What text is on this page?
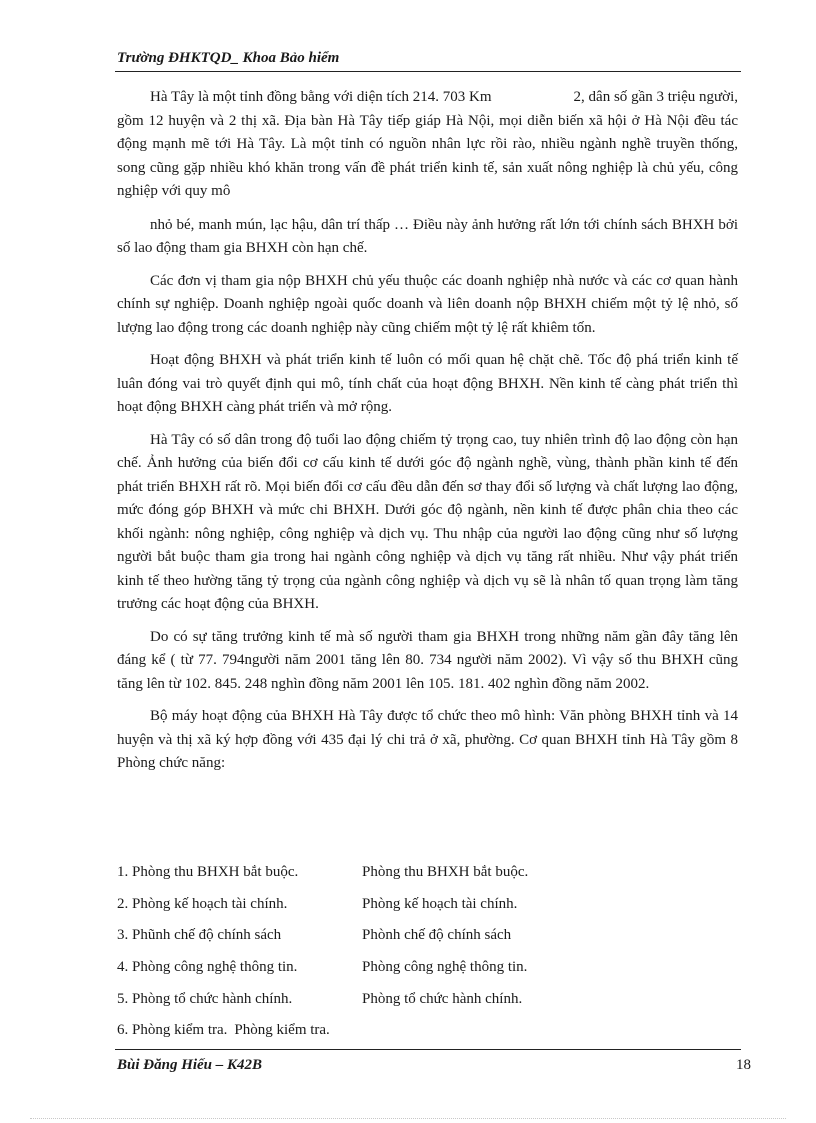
Trường ĐHKTQD_ Khoa Bảo hiểm

Hà Tây là một tỉnh đồng bằng với diện tích 214. 703 Km	2, dân số gần 3 triệu người, gồm 12 huyện và 2 thị xã. Địa bàn Hà Tây tiếp giáp Hà Nội, mọi diễn biến xã hội ở Hà Nội đều tác động mạnh mẽ tới Hà Tây. Là một tỉnh có nguồn nhân lực rồi rào, nhiều ngành nghề truyền thống, song cũng gặp nhiều khó khăn trong vấn đề phát triển kinh tế, sản xuất nông nghiệp là chủ yếu, công nghiệp với quy mô

nhỏ bé, manh mún, lạc hậu, dân trí thấp … Điều này ảnh hưởng rất lớn tới chính sách BHXH bởi số lao động tham gia BHXH còn hạn chế.

Các đơn vị tham gia nộp BHXH chủ yếu thuộc các doanh nghiệp nhà nước và các cơ quan hành chính sự nghiệp. Doanh nghiệp ngoài quốc doanh và liên doanh nộp BHXH chiếm một tỷ lệ nhỏ, số lượng lao động trong các doanh nghiệp này cũng chiếm một tỷ lệ rất khiêm tốn.

Hoạt động BHXH và phát triển kinh tế luôn có mối quan hệ chặt chẽ. Tốc độ phá triển kinh tế luân đóng vai trò quyết định qui mô, tính chất của hoạt động BHXH. Nền kinh tế càng phát triển thì hoạt động BHXH càng phát triển và mở rộng.

Hà Tây có số dân trong độ tuổi lao động chiếm tỷ trọng cao, tuy nhiên trình độ lao động còn hạn chế. Ảnh hưởng của biến đổi cơ cấu kinh tế dưới góc độ ngành nghề, vùng, thành phần kinh tế đến phát triển BHXH rất rõ. Mọi biến đổi cơ cấu đều dẫn đến sơ thay đổi số lượng và chất lượng lao động, mức đóng góp BHXH và mức chi BHXH. Dưới góc độ ngành, nền kinh tế được phân chia theo các khối ngành: nông nghiệp, công nghiệp và dịch vụ. Thu nhập của người lao động cũng như số lượng người bắt buộc tham gia trong hai ngành công nghiệp và dịch vụ tăng rất nhiều. Như vậy phát triển kinh tế theo hường tăng tỷ trọng của ngành công nghiệp và dịch vụ sẽ là nhân tố quan trọng làm tăng trưởng các hoạt động của BHXH.

Do có sự tăng trưởng kinh tế mà số người tham gia BHXH trong những năm gần đây tăng lên đáng kể ( từ 77. 794người năm 2001 tăng lên 80. 734 người năm 2002). Vì vậy số thu BHXH cũng tăng lên từ 102. 845. 248 nghìn đồng năm 2001 lên 105. 181. 402 nghìn đồng năm 2002.

Bộ máy hoạt động của BHXH Hà Tây được tổ chức theo mô hình: Văn phòng BHXH tỉnh và 14 huyện và thị xã ký hợp đồng với 435 đại lý chi trả ở xã, phường. Cơ quan BHXH tỉnh Hà Tây gồm 8 Phòng chức năng:

1. Phòng thu BHXH bắt buộc.	Phòng thu BHXH bắt buộc.
2. Phòng kế hoạch tài chính.	Phòng kế hoạch tài chính.
3. Phũnh chế độ chính sách	Phònh chế độ chính sách
4. Phòng công nghệ thông tin.	Phòng công nghệ thông tin.
5. Phòng tổ chức hành chính.	Phòng tổ chức hành chính.
6. Phòng kiểm tra. Phòng kiểm tra.
Bùi Đăng Hiếu – K42B	18
